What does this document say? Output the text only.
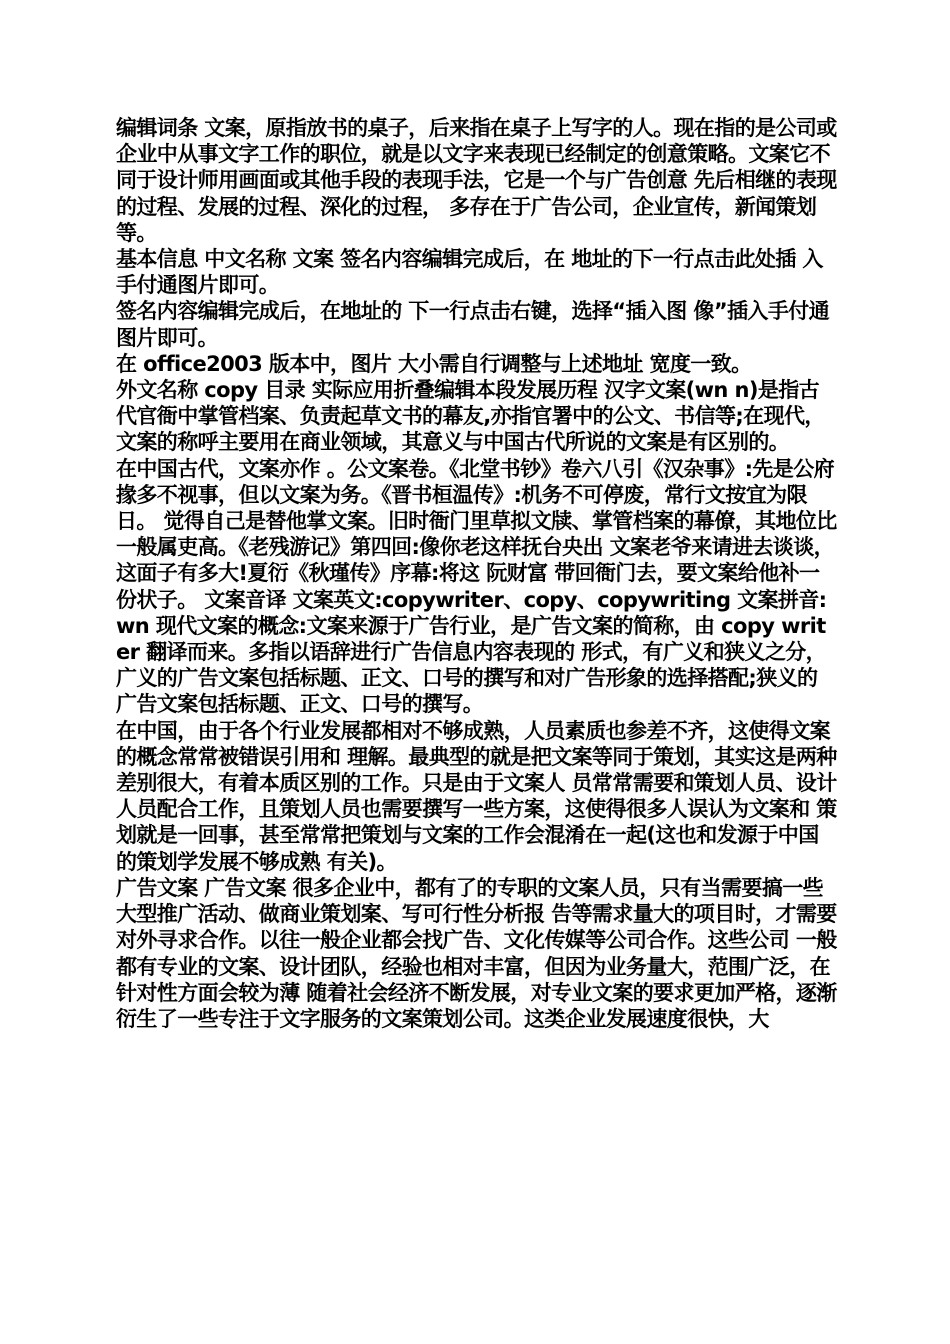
编辑词条 文案，原指放书的桌子，后来指在桌子上写字的人。现在指的是公司或企业中从事文字工作的职位，就是以文字来表现已经制定的创意策略。文案它不同于设计师用画面或其他手段的表现手法，它是一个与广告创意 先后相继的表现的过程、发展的过程、深化的过程， 多存在于广告公司，企业宣传，新闻策划等。

基本信息 中文名称 文案 签名内容编辑完成后，在 地址的下一行点击此处插 入手付通图片即可。

签名内容编辑完成后，在地址的 下一行点击右键，选择“插入图 像”插入手付通图片即可。

在 office2003 版本中，图片 大小需自行调整与上述地址 宽度一致。

外文名称 copy 目录 实际应用折叠编辑本段发展历程 汉字文案(wn n)是指古代官衙中掌管档案、负责起草文书的幕友,亦指官署中的公文、书信等;在现代， 文案的称呼主要用在商业领域，其意义与中国古代所说的文案是有区别的。

在中国古代，文案亦作 。公文案卷。《北堂书钞》卷六八引《汉杂事》:先是公府掾多不视事，但以文案为务。《晋书桓温传》:机务不可停废，常行文按宜为限日。 觉得自己是替他掌文案。旧时衙门里草拟文牍、掌管档案的幕僚，其地位比一般属吏高。《老残游记》第四回:像你老这样抚台央出 文案老爷来请进去谈谈，这面子有多大!夏衍《秋瑾传》序幕:将这 阮财富 带回衙门去，要文案给他补一 份状子。 文案音译 文案英文:copywriter、copy、copywriting 文案拼音:wn 现代文案的概念:文案来源于广告行业，是广告文案的简称，由 copy writer 翻译而来。多指以语辞进行广告信息内容表现的 形式，有广义和狭义之分，广义的广告文案包括标题、正文、口号的撰写和对广告形象的选择搭配;狭义的 广告文案包括标题、正文、口号的撰写。

在中国，由于各个行业发展都相对不够成熟，人员素质也参差不齐，这使得文案的概念常常被错误引用和 理解。最典型的就是把文案等同于策划，其实这是两种差别很大，有着本质区别的工作。只是由于文案人 员常常需要和策划人员、设计人员配合工作，且策划人员也需要撰写一些方案，这使得很多人误认为文案和 策划就是一回事，甚至常常把策划与文案的工作会混淆在一起(这也和发源于中国的策划学发展不够成熟 有关)。

广告文案 广告文案 很多企业中，都有了的专职的文案人员，只有当需要搞一些大型推广活动、做商业策划案、写可行性分析报 告等需求量大的项目时，才需要对外寻求合作。以往一般企业都会找广告、文化传媒等公司合作。这些公司 一般都有专业的文案、设计团队，经验也相对丰富，但因为业务量大，范围广泛，在针对性方面会较为薄 随着社会经济不断发展，对专业文案的要求更加严格，逐渐衍生了一些专注于文字服务的文案策划公司。这类企业发展速度很快，大
